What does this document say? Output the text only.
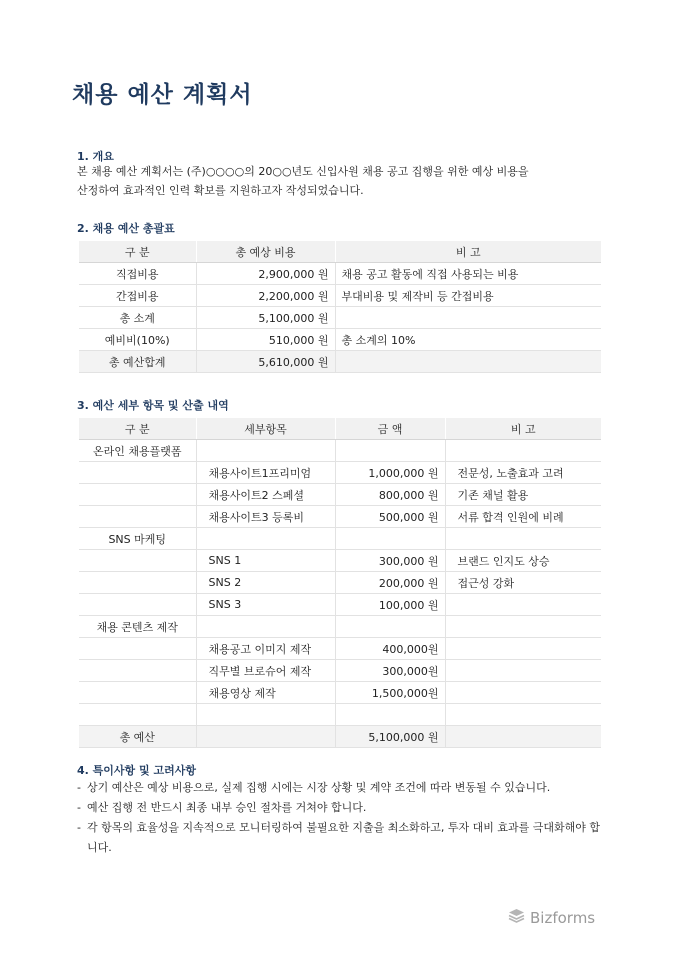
채용 예산 계획서
1. 개요
본 채용 예산 계획서는 (주)○○○○의 20○○년도 신입사원 채용 공고 집행을 위한 예상 비용을
산정하여 효과적인 인력 확보를 지원하고자 작성되었습니다.
2. 채용 예산 총괄표
구 분	총 예상 비용	비 고
직접비용	2,900,000 원	채용 공고 활동에 직접 사용되는 비용
간접비용	2,200,000 원	부대비용 및 제작비 등 간접비용
총 소계	5,100,000 원	
예비비(10%)	510,000 원	총 소계의 10%
총 예산합계	5,610,000 원	
3. 예산 세부 항목 및 산출 내역
구 분	세부항목	금 액	비 고
온라인 채용플랫폼			
	채용사이트1프리미엄	1,000,000 원	전문성, 노출효과 고려
	채용사이트2 스페셜	800,000 원	기존 채널 활용
	채용사이트3 등록비	500,000 원	서류 합격 인원에 비례
SNS 마케팅			
	SNS 1	300,000 원	브랜드 인지도 상승
	SNS 2	200,000 원	접근성 강화
	SNS 3	100,000 원	
채용 콘텐츠 제작			
	채용공고 이미지 제작	400,000원	
	직무별 브로슈어 제작	300,000원	
	채용영상 제작	1,500,000원	

총 예산		5,100,000 원	
4. 특이사항 및 고려사항
- 상기 예산은 예상 비용으로, 실제 집행 시에는 시장 상황 및 계약 조건에 따라 변동될 수 있습니다.
- 예산 집행 전 반드시 최종 내부 승인 절차를 거쳐야 합니다.
- 각 항목의 효율성을 지속적으로 모니터링하여 불필요한 지출을 최소화하고, 투자 대비 효과를 극대화해야 합니다.
Bizforms
